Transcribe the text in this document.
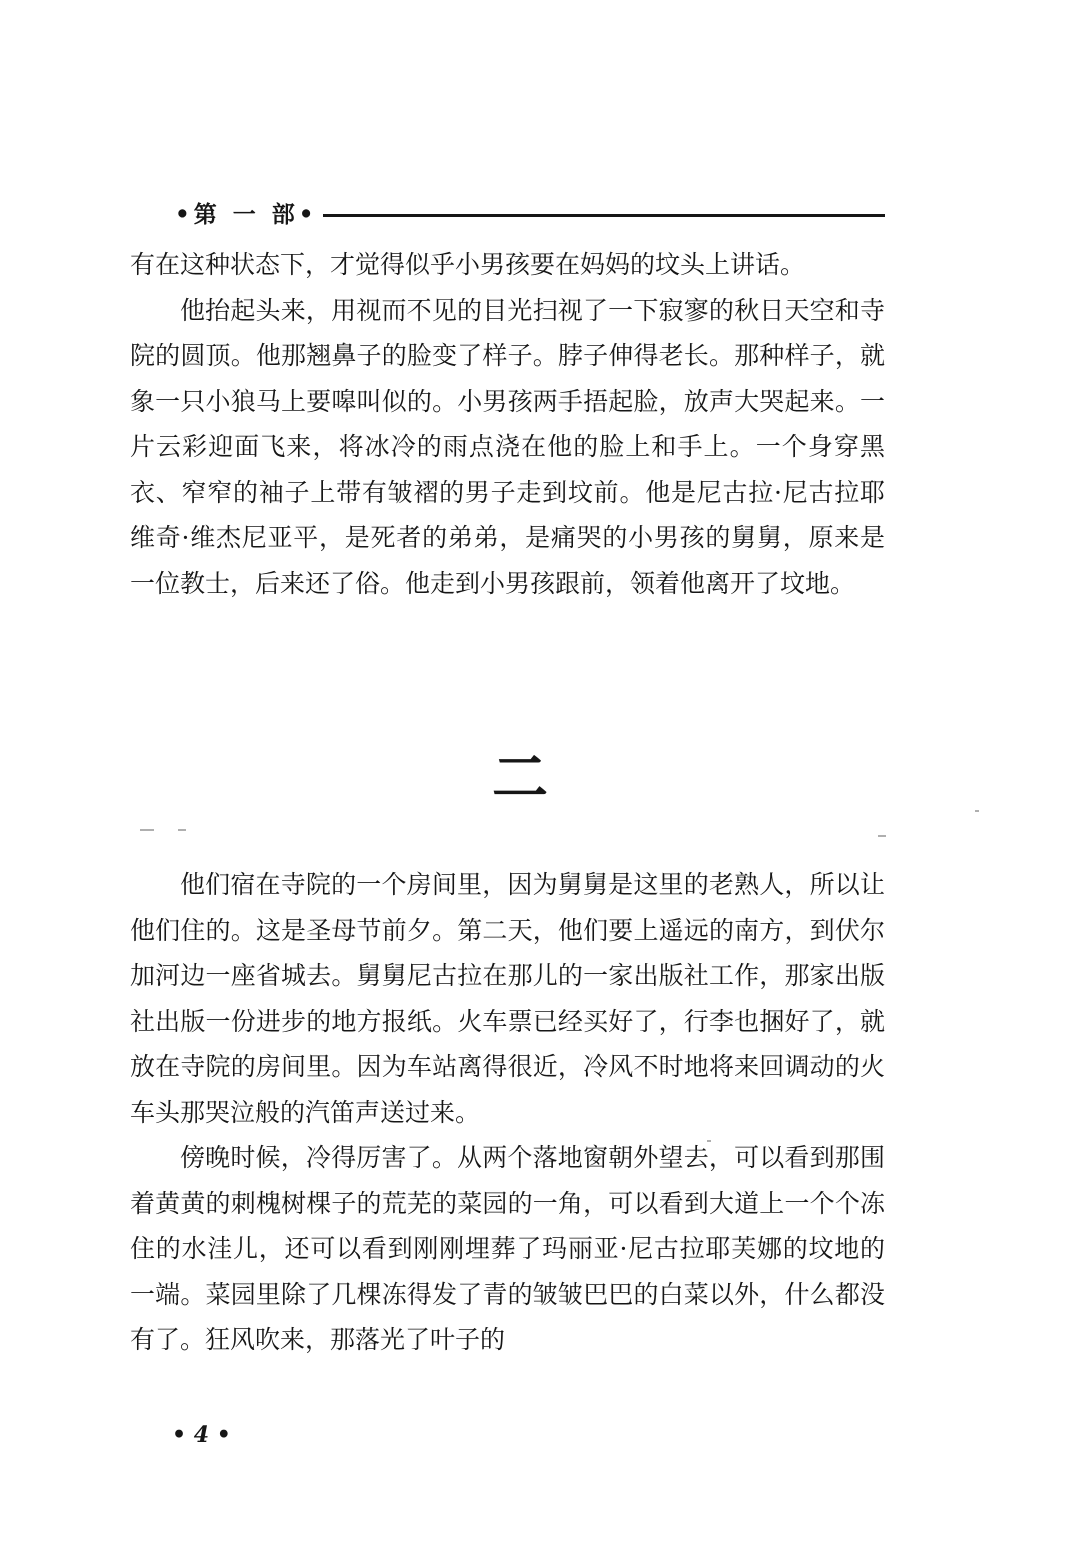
•第 一 部•

有在这种状态下，才觉得似乎小男孩要在妈妈的坟头上讲话。

他抬起头来，用视而不见的目光扫视了一下寂寥的秋日天空和寺院的圆顶。他那翘鼻子的脸变了样子。脖子伸得老长。那种样子，就象一只小狼马上要嗥叫似的。小男孩两手捂起脸，放声大哭起来。一片云彩迎面飞来，将冰冷的雨点浇在他的脸上和手上。一个身穿黑衣、窄窄的袖子上带有皱褶的男子走到坟前。他是尼古拉·尼古拉耶维奇·维杰尼亚平，是死者的弟弟，是痛哭的小男孩的舅舅，原来是一位教士，后来还了俗。他走到小男孩跟前，领着他离开了坟地。

二

他们宿在寺院的一个房间里，因为舅舅是这里的老熟人，所以让他们住的。这是圣母节前夕。第二天，他们要上遥远的南方，到伏尔加河边一座省城去。舅舅尼古拉在那儿的一家出版社工作，那家出版社出版一份进步的地方报纸。火车票已经买好了，行李也捆好了，就放在寺院的房间里。因为车站离得很近，冷风不时地将来回调动的火车头那哭泣般的汽笛声送过来。

傍晚时候，冷得厉害了。从两个落地窗朝外望去，可以看到那围着黄黄的刺槐树棵子的荒芜的菜园的一角，可以看到大道上一个个冻住的水洼儿，还可以看到刚刚埋葬了玛丽亚·尼古拉耶芙娜的坟地的一端。菜园里除了几棵冻得发了青的皱皱巴巴的白菜以外，什么都没有了。狂风吹来，那落光了叶子的

• 4 •
